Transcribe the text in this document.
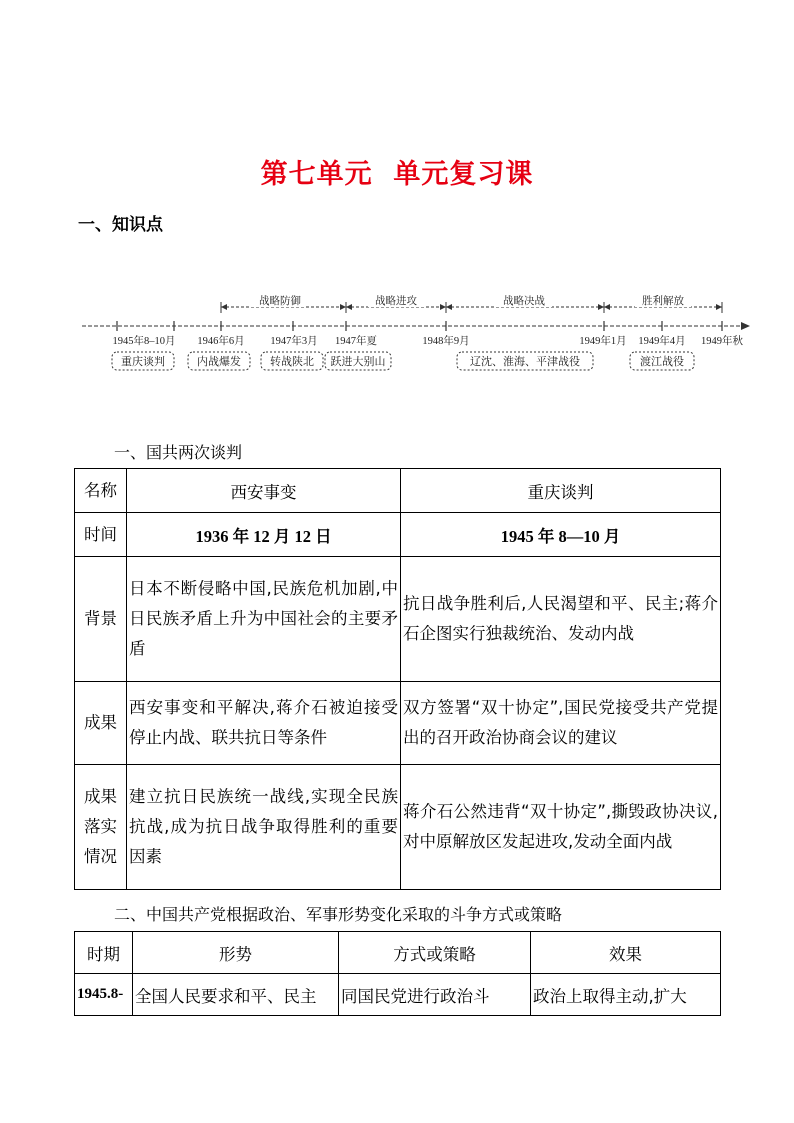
第七单元  单元复习课
一、知识点
战略防御	战略进攻	战略决战	胜利解放
1945年8–10月 1946年6月 1947年3月 1947年夏	1948年9月	1949年1月 1949年4月 1949年秋
重庆谈判	内战爆发	转战陕北 跃进大别山	辽沈、淮海、平津战役	渡江战役
一、国共两次谈判
名称	西安事变	重庆谈判
时间	1936 年 12 月 12 日	1945 年 8—10 月
背景	日本不断侵略中国,民族危机加剧,中日民族矛盾上升为中国社会的主要矛盾	抗日战争胜利后,人民渴望和平、民主;蒋介石企图实行独裁统治、发动内战
成果	西安事变和平解决,蒋介石被迫接受停止内战、联共抗日等条件	双方签署“双十协定”,国民党接受共产党提出的召开政治协商会议的建议
成果落实情况	建立抗日民族统一战线,实现全民族抗战,成为抗日战争取得胜利的重要因素	蒋介石公然违背“双十协定”,撕毁政协决议,对中原解放区发起进攻,发动全面内战
二、中国共产党根据政治、军事形势变化采取的斗争方式或策略
时期	形势	方式或策略	效果
1945.8-	全国人民要求和平、民主	同国民党进行政治斗	政治上取得主动,扩大
